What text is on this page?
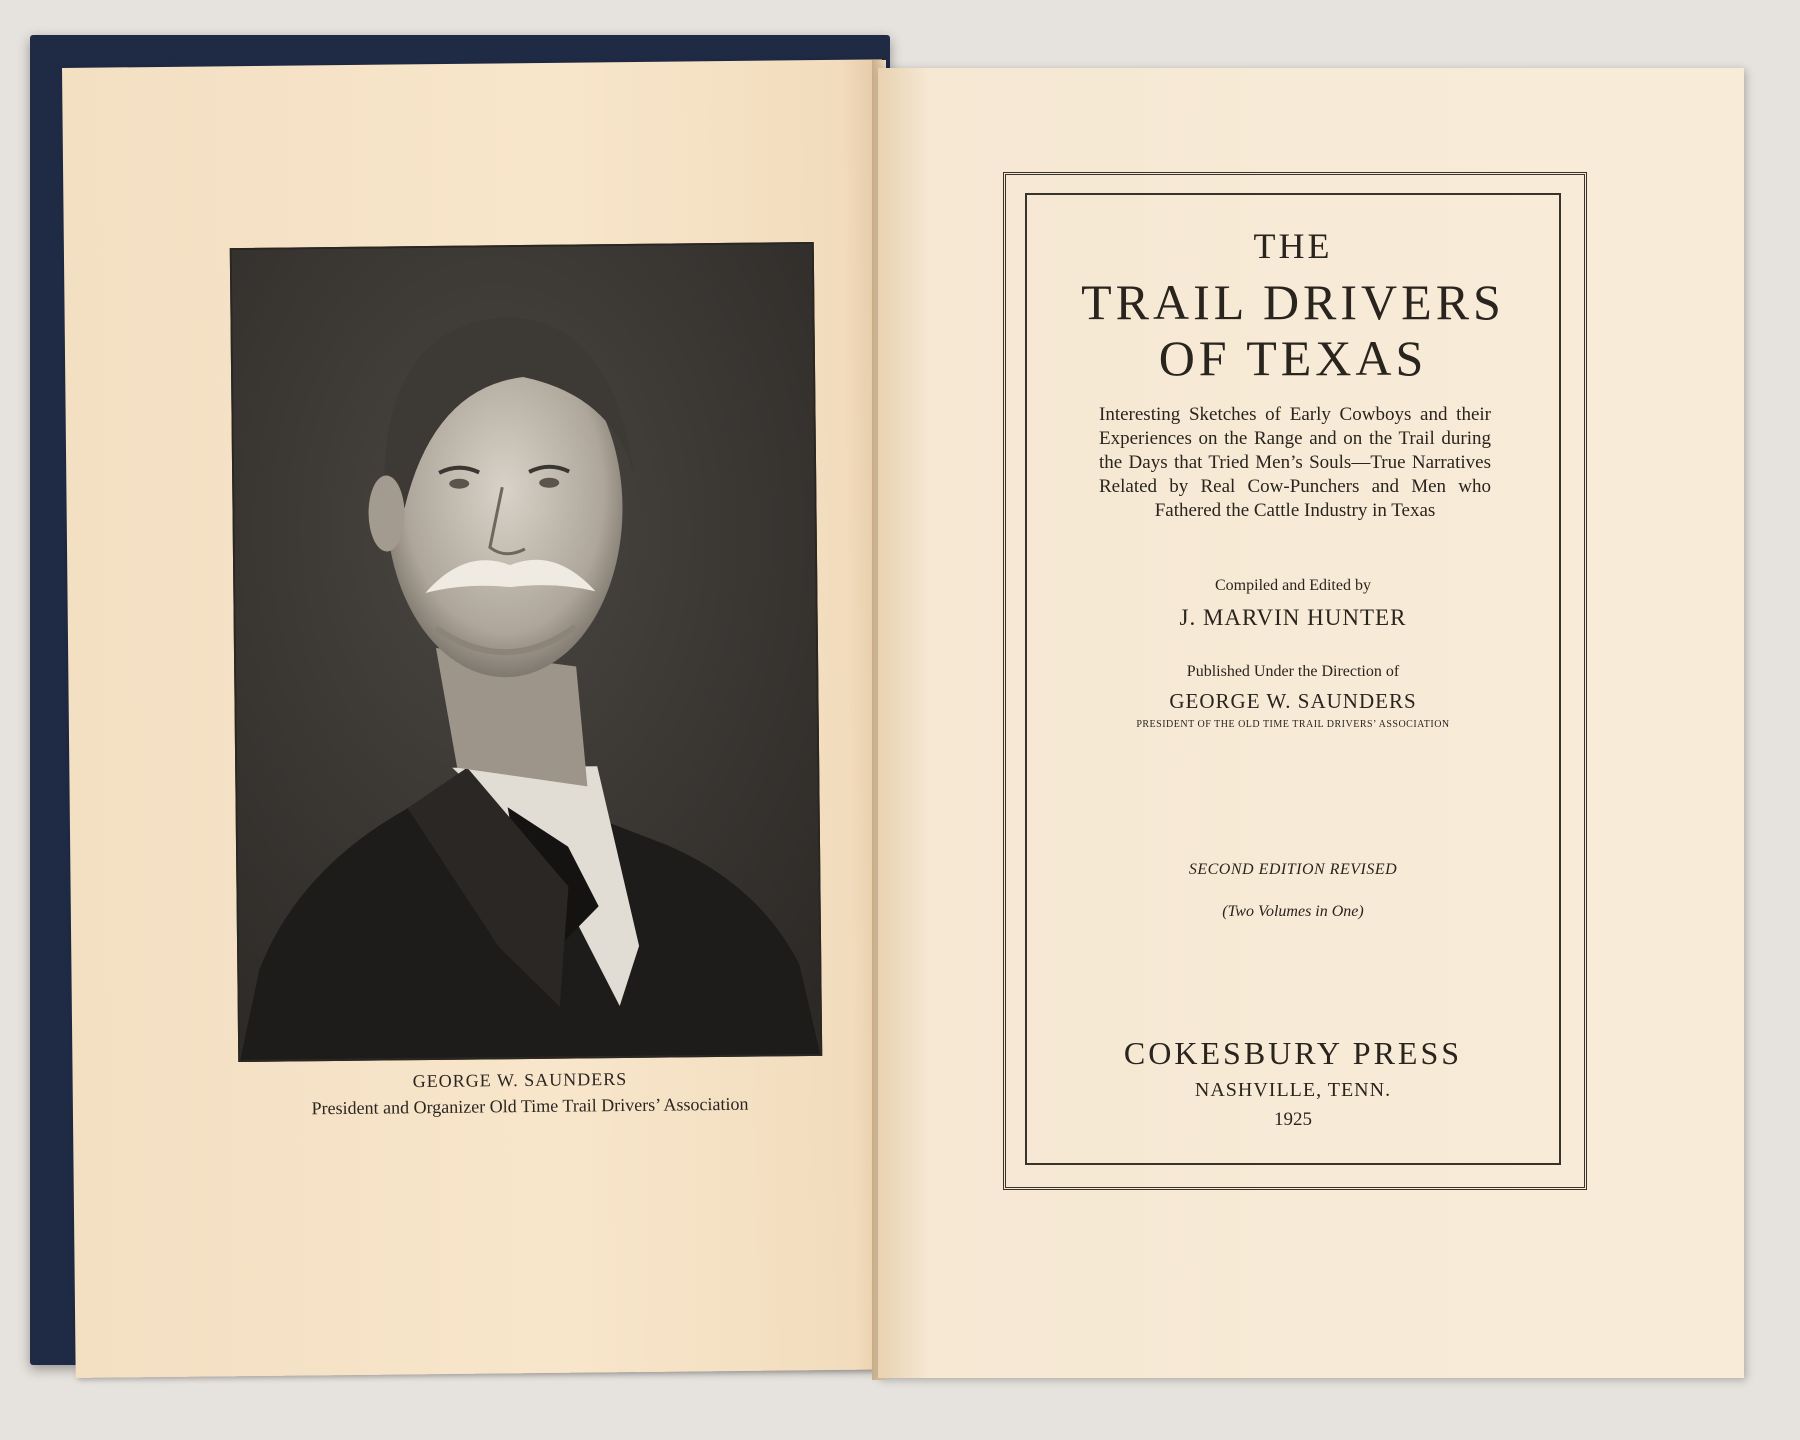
GEORGE W. SAUNDERS
President and Organizer Old Time Trail Drivers’ Association
THE
TRAIL DRIVERS
OF TEXAS
Interesting Sketches of Early Cowboys and their Experiences on the Range and on the Trail during the Days that Tried Men’s Souls—True Narratives Related by Real Cow-Punchers and Men who Fathered the Cattle Industry in Texas
Compiled and Edited by
J. MARVIN HUNTER
Published Under the Direction of
GEORGE W. SAUNDERS
PRESIDENT OF THE OLD TIME TRAIL DRIVERS’ ASSOCIATION
SECOND EDITION REVISED
(Two Volumes in One)
COKESBURY PRESS
NASHVILLE, TENN.
1925
